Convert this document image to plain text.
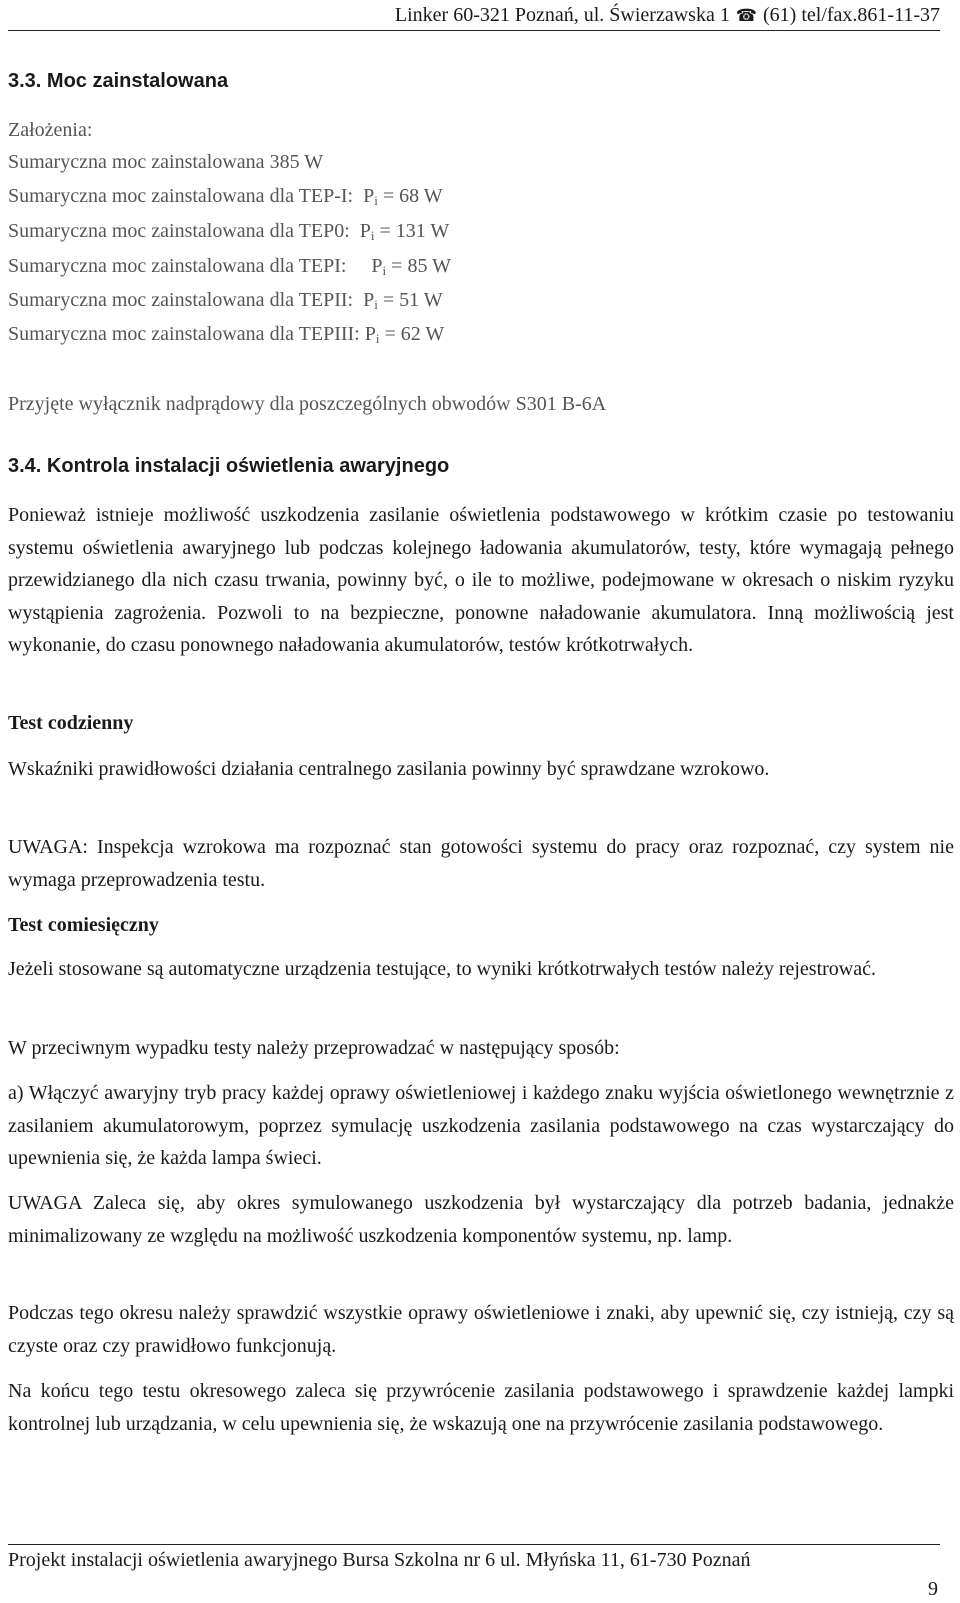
Linker 60-321 Poznań, ul. Świerzawska 1 ☎ (61) tel/fax.861-11-37
3.3. Moc zainstalowana
Założenia:
Sumaryczna moc zainstalowana 385 W
Sumaryczna moc zainstalowana dla TEP-I: $P_i = 68$ W
Sumaryczna moc zainstalowana dla TEP0: $P_i = 131$ W
Sumaryczna moc zainstalowana dla TEPI: $P_i = 85$ W
Sumaryczna moc zainstalowana dla TEPII: $P_i = 51$ W
Sumaryczna moc zainstalowana dla TEPIII: $P_i = 62$ W
Przyjęte wyłącznik nadprądowy dla poszczególnych obwodów S301 B-6A
3.4. Kontrola instalacji oświetlenia awaryjnego
Ponieważ istnieje możliwość uszkodzenia zasilanie oświetlenia podstawowego w krótkim czasie po testowaniu systemu oświetlenia awaryjnego lub podczas kolejnego ładowania akumulatorów, testy, które wymagają pełnego przewidzianego dla nich czasu trwania, powinny być, o ile to możliwe, podejmowane w okresach o niskim ryzyku wystąpienia zagrożenia. Pozwoli to na bezpieczne, ponowne naładowanie akumulatora. Inną możliwością jest wykonanie, do czasu ponownego naładowania akumulatorów, testów krótkotrwałych.
Test codzienny
Wskaźniki prawidłowości działania centralnego zasilania powinny być sprawdzane wzrokowo.
UWAGA: Inspekcja wzrokowa ma rozpoznać stan gotowości systemu do pracy oraz rozpoznać, czy system nie wymaga przeprowadzenia testu.
Test comiesięczny
Jeżeli stosowane są automatyczne urządzenia testujące, to wyniki krótkotrwałych testów należy rejestrować.
W przeciwnym wypadku testy należy przeprowadzać w następujący sposób:
a) Włączyć awaryjny tryb pracy każdej oprawy oświetleniowej i każdego znaku wyjścia oświetlonego wewnętrznie z zasilaniem akumulatorowym, poprzez symulację uszkodzenia zasilania podstawowego na czas wystarczający do upewnienia się, że każda lampa świeci.
UWAGA Zaleca się, aby okres symulowanego uszkodzenia był wystarczający dla potrzeb badania, jednakże minimalizowany ze względu na możliwość uszkodzenia komponentów systemu, np. lamp.
Podczas tego okresu należy sprawdzić wszystkie oprawy oświetleniowe i znaki, aby upewnić się, czy istnieją, czy są czyste oraz czy prawidłowo funkcjonują.
Na końcu tego testu okresowego zaleca się przywrócenie zasilania podstawowego i sprawdzenie każdej lampki kontrolnej lub urządzania, w celu upewnienia się, że wskazują one na przywrócenie zasilania podstawowego.
Projekt instalacji oświetlenia awaryjnego Bursa Szkolna nr 6 ul. Młyńska 11, 61-730 Poznań
9
